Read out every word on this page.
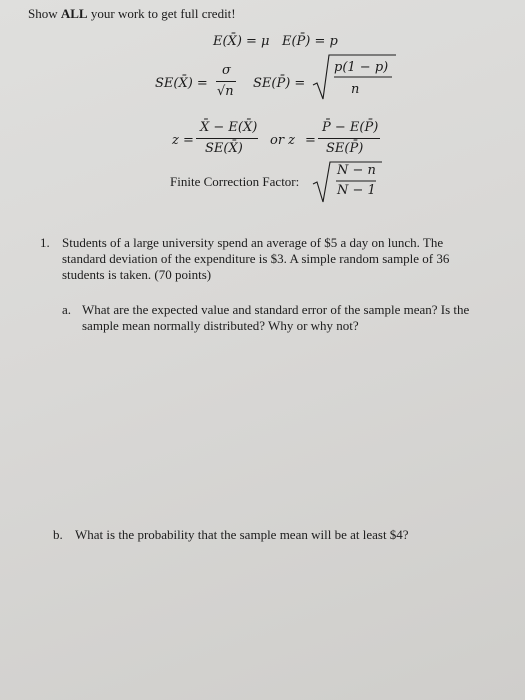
Show ALL your work to get full credit!
E(X̄) = μ E(P̄) = p
SE(X̄) =
σ
√n
SE(P̄) =
p(1 − p)
n
z =
X̄ − E(X̄)
SE(X̄)
or z =
P̄ − E(P̄)
SE(P̄)
Finite Correction Factor:
N − n
N − 1
1. Students of a large university spend an average of $5 a day on lunch. The
standard deviation of the expenditure is $3. A simple random sample of 36
students is taken. (70 points)
a. What are the expected value and standard error of the sample mean? Is the
sample mean normally distributed? Why or why not?
b. What is the probability that the sample mean will be at least $4?
